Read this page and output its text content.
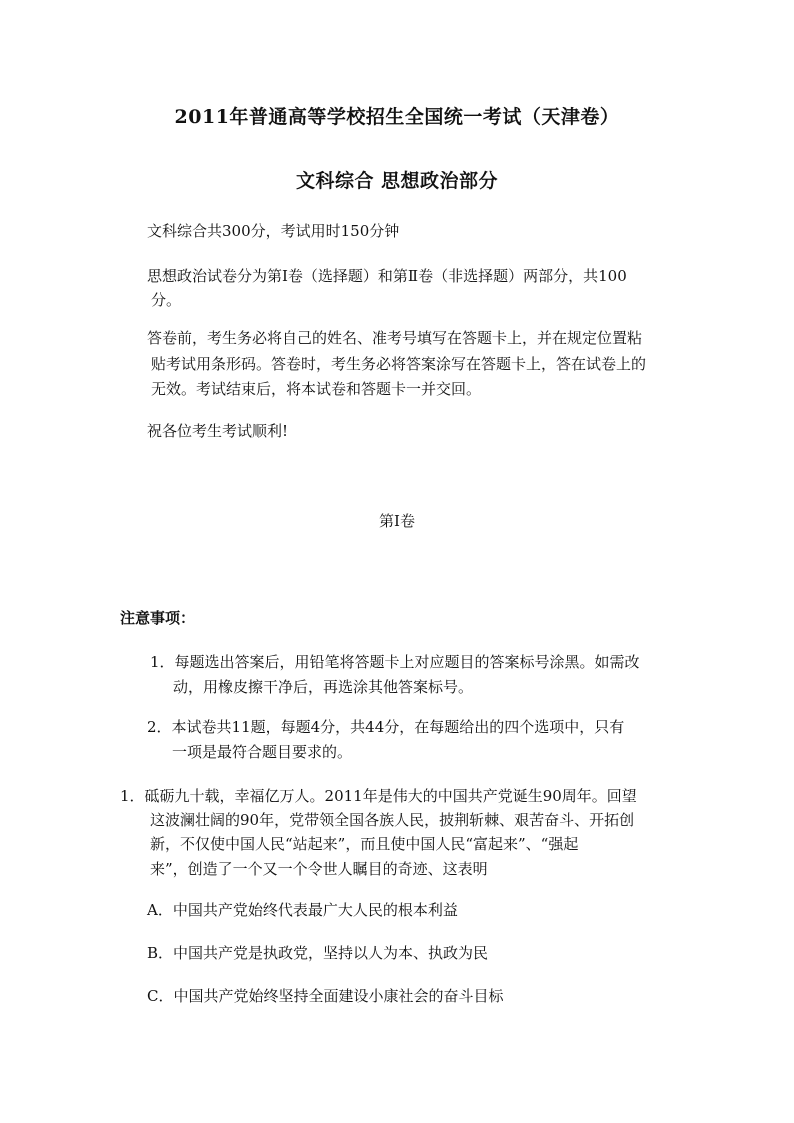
2011年普通高等学校招生全国统一考试（天津卷）
文科综合 思想政治部分
文科综合共300分，考试用时150分钟
思想政治试卷分为第Ⅰ卷（选择题）和第Ⅱ卷（非选择题）两部分，共100
分。
答卷前，考生务必将自己的姓名、准考号填写在答题卡上，并在规定位置粘
贴考试用条形码。答卷时，考生务必将答案涂写在答题卡上，答在试卷上的
无效。考试结束后，将本试卷和答题卡一并交回。
祝各位考生考试顺利!
第Ⅰ卷
注意事项：
1．每题选出答案后，用铅笔将答题卡上对应题目的答案标号涂黑。如需改
动，用橡皮擦干净后，再选涂其他答案标号。
2．本试卷共11题，每题4分，共44分，在每题给出的四个选项中，只有
一项是最符合题目要求的。
1．砥砺九十载，幸福亿万人。2011年是伟大的中国共产党诞生90周年。回望
这波澜壮阔的90年，党带领全国各族人民，披荆斩棘、艰苦奋斗、开拓创
新，不仅使中国人民“站起来”，而且使中国人民“富起来”、“强起
来”，创造了一个又一个令世人瞩目的奇迹、这表明
A．中国共产党始终代表最广大人民的根本利益
B．中国共产党是执政党，坚持以人为本、执政为民
C．中国共产党始终坚持全面建设小康社会的奋斗目标
